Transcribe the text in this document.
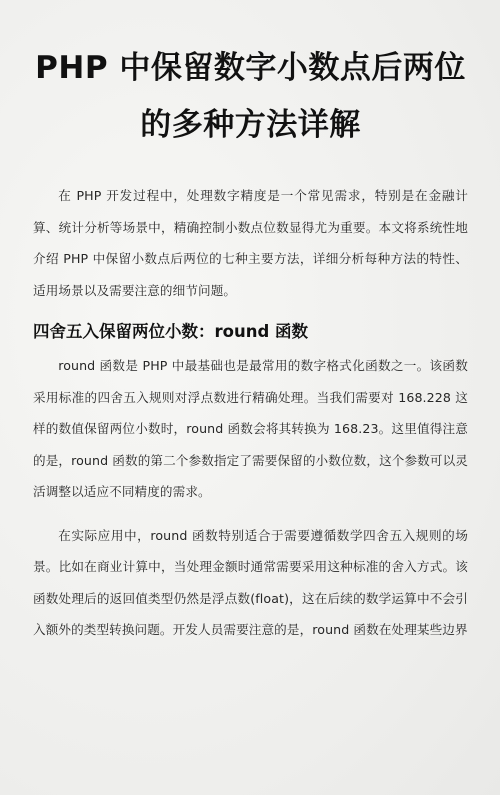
PHP 中保留数字小数点后两位
的多种方法详解

在 PHP 开发过程中，处理数字精度是一个常见需求，特别是在金融计算、统计分析等场景中，精确控制小数点位数显得尤为重要。本文将系统性地介绍 PHP 中保留小数点后两位的七种主要方法，详细分析每种方法的特性、适用场景以及需要注意的细节问题。

四舍五入保留两位小数：round 函数

round 函数是 PHP 中最基础也是最常用的数字格式化函数之一。该函数采用标准的四舍五入规则对浮点数进行精确处理。当我们需要对 168.228 这样的数值保留两位小数时，round 函数会将其转换为 168.23。这里值得注意的是，round 函数的第二个参数指定了需要保留的小数位数，这个参数可以灵活调整以适应不同精度的需求。

在实际应用中，round 函数特别适合于需要遵循数学四舍五入规则的场景。比如在商业计算中，当处理金额时通常需要采用这种标准的舍入方式。该函数处理后的返回值类型仍然是浮点数(float)，这在后续的数学运算中不会引入额外的类型转换问题。开发人员需要注意的是，round 函数在处理某些边界
